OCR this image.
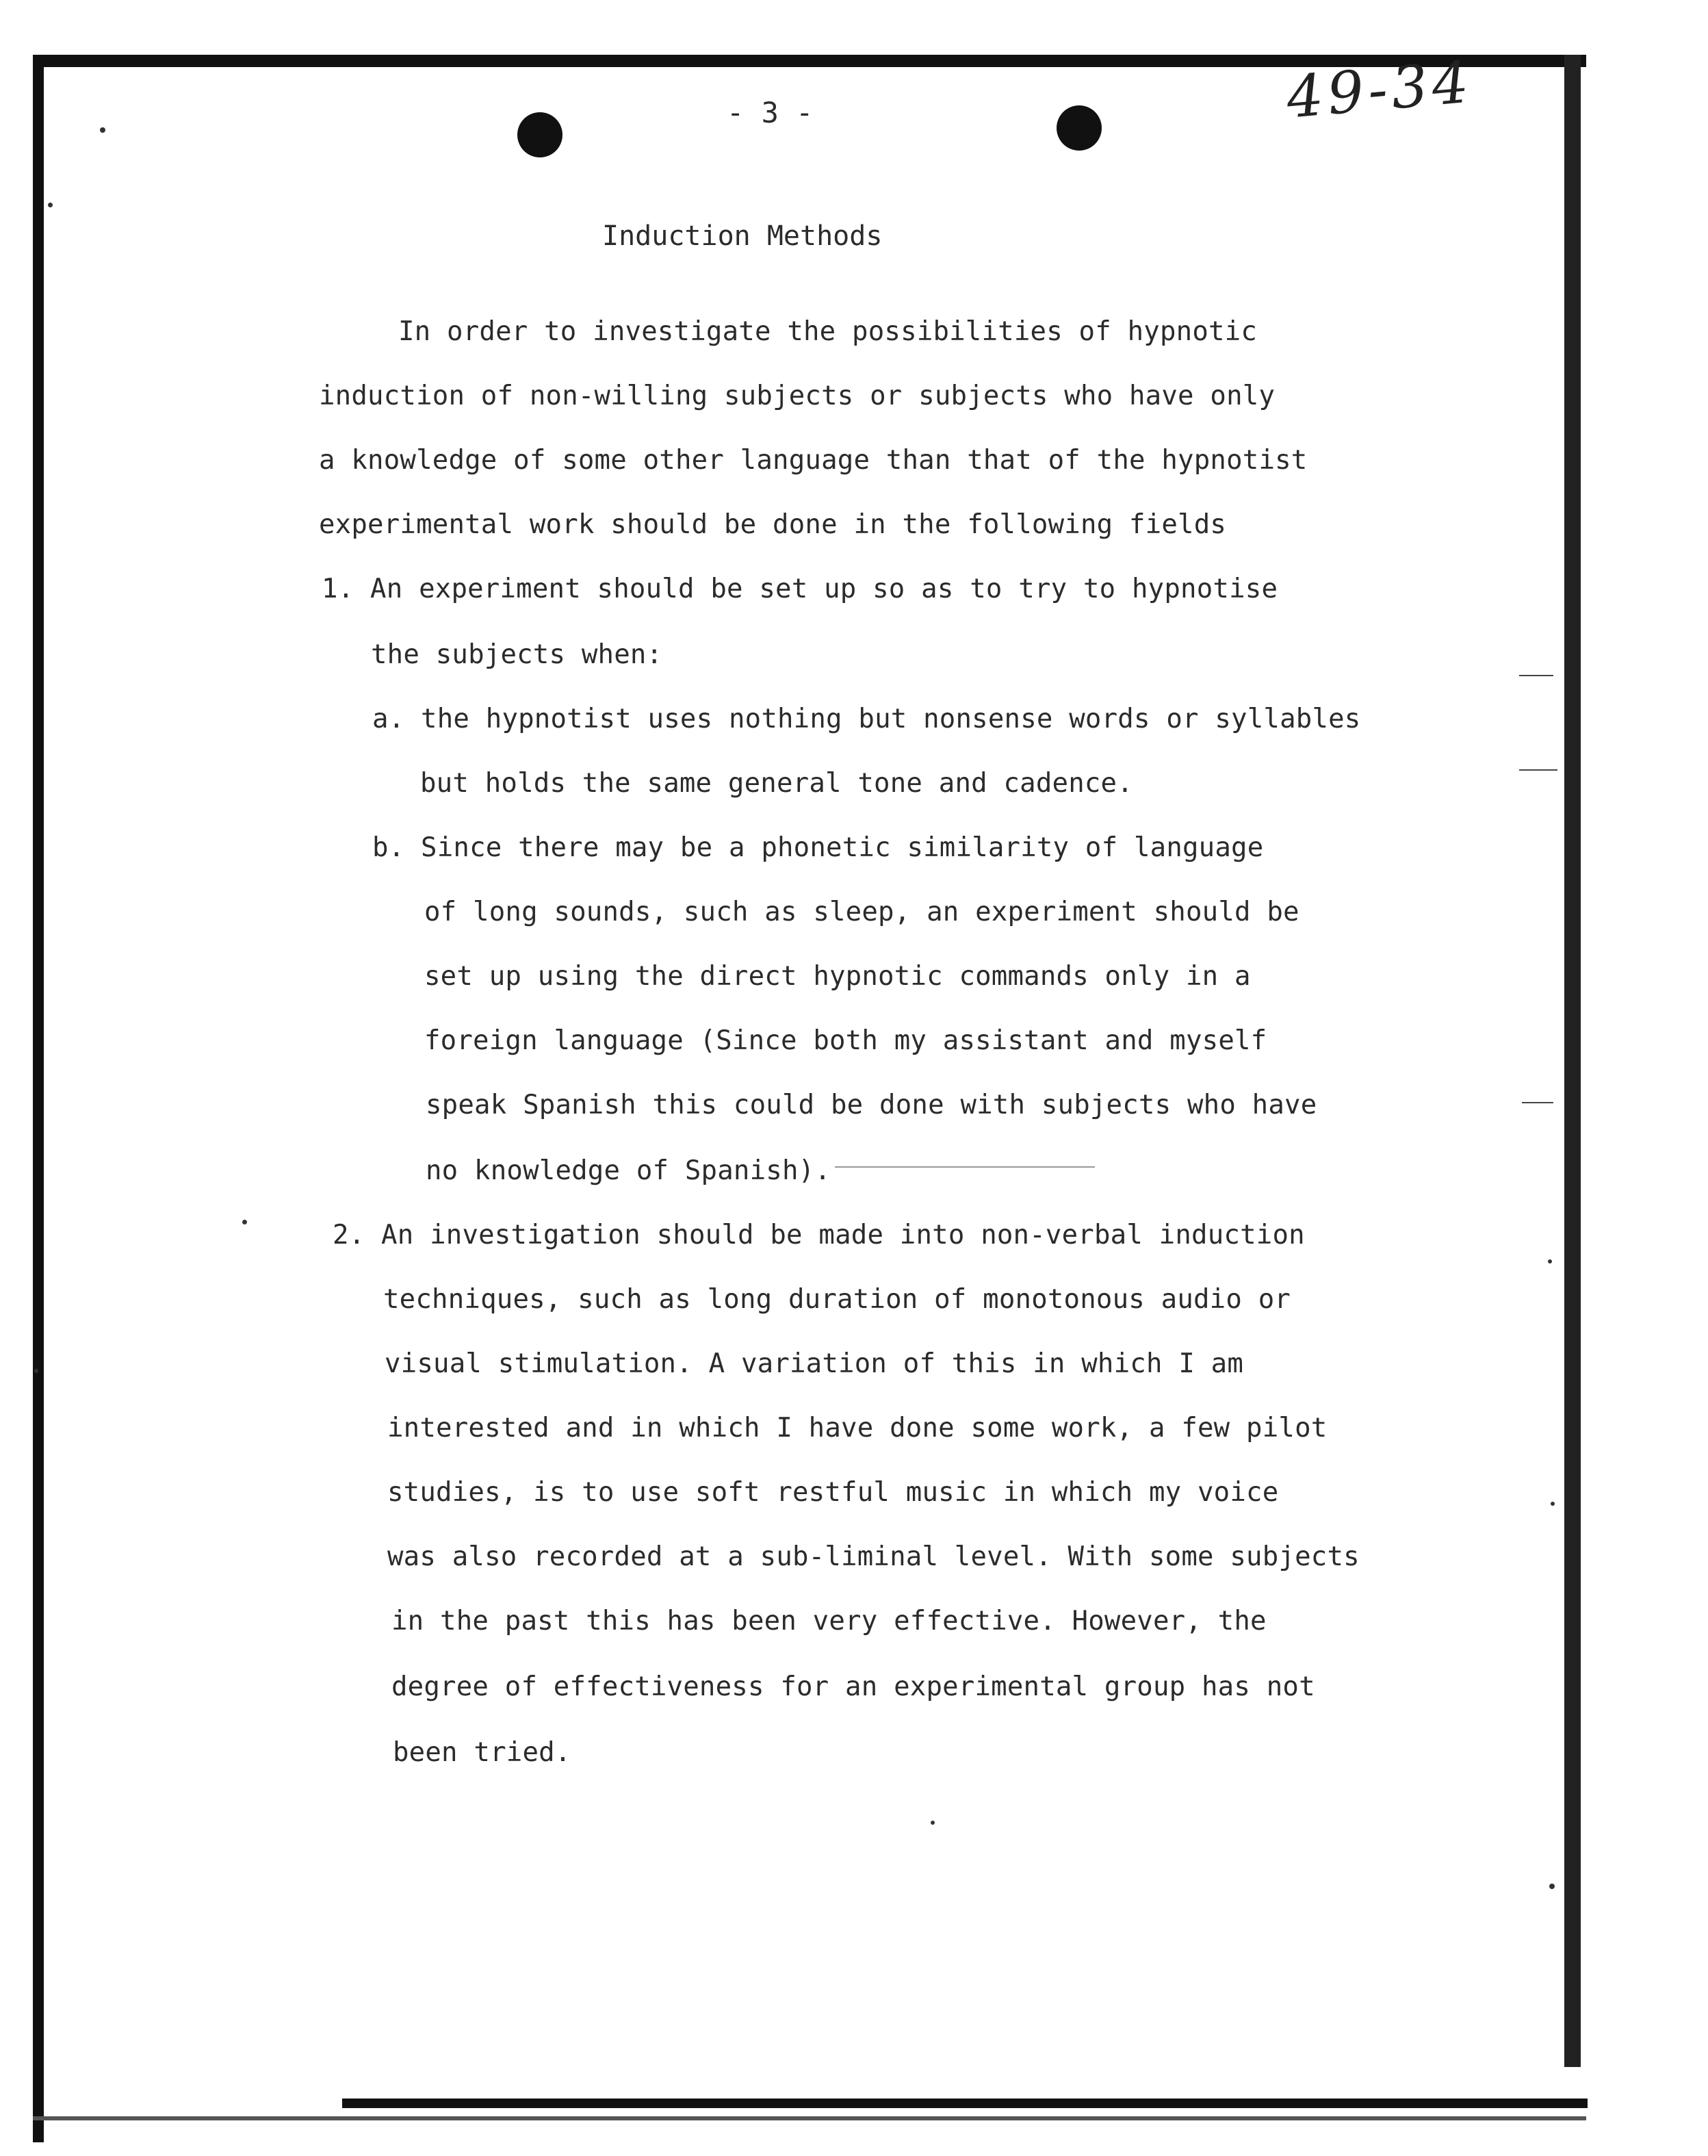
49-34
- 3 -
Induction Methods
In order to investigate the possibilities of hypnotic
induction of non-willing subjects or subjects who have only
a knowledge of some other language than that of the hypnotist
experimental work should be done in the following fields
1. An experiment should be set up so as to try to hypnotise
the subjects when:
a. the hypnotist uses nothing but nonsense words or syllables
but holds the same general tone and cadence.
b. Since there may be a phonetic similarity of language
of long sounds, such as sleep, an experiment should be
set up using the direct hypnotic commands only in a
foreign language (Since both my assistant and myself
speak Spanish this could be done with subjects who have
no knowledge of Spanish).
2. An investigation should be made into non-verbal induction
techniques, such as long duration of monotonous audio or
visual stimulation. A variation of this in which I am
interested and in which I have done some work, a few pilot
studies, is to use soft restful music in which my voice
was also recorded at a sub-liminal level. With some subjects
in the past this has been very effective. However, the
degree of effectiveness for an experimental group has not
been tried.
